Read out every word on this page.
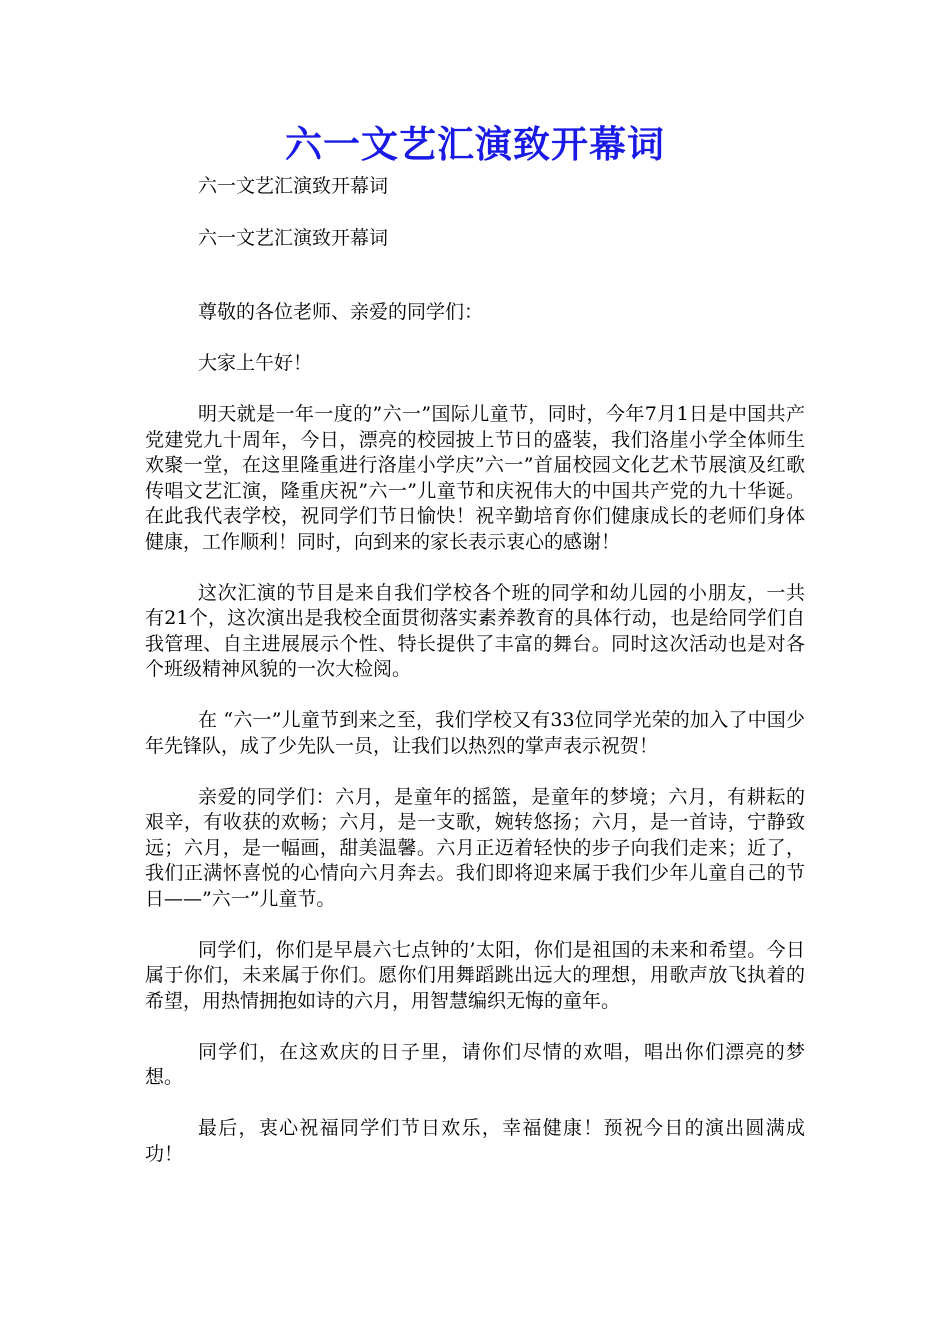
六一文艺汇演致开幕词
六一文艺汇演致开幕词
六一文艺汇演致开幕词

尊敬的各位老师、亲爱的同学们：

大家上午好！

明天就是一年一度的”六一”国际儿童节，同时，今年7月1日是中国共产党建党九十周年，今日，漂亮的校园披上节日的盛装，我们洛崖小学全体师生欢聚一堂，在这里隆重进行洛崖小学庆”六一”首届校园文化艺术节展演及红歌传唱文艺汇演，隆重庆祝”六一”儿童节和庆祝伟大的中国共产党的九十华诞。在此我代表学校，祝同学们节日愉快！祝辛勤培育你们健康成长的老师们身体健康，工作顺利！同时，向到来的家长表示衷心的感谢！

这次汇演的节目是来自我们学校各个班的同学和幼儿园的小朋友，一共有21个，这次演出是我校全面贯彻落实素养教育的具体行动，也是给同学们自我管理、自主进展展示个性、特长提供了丰富的舞台。同时这次活动也是对各个班级精神风貌的一次大检阅。

在 “六一”儿童节到来之至，我们学校又有33位同学光荣的加入了中国少年先锋队，成了少先队一员，让我们以热烈的掌声表示祝贺！

亲爱的同学们：六月，是童年的摇篮，是童年的梦境；六月，有耕耘的艰辛，有收获的欢畅；六月，是一支歌，婉转悠扬；六月，是一首诗，宁静致远；六月，是一幅画，甜美温馨。六月正迈着轻快的步子向我们走来；近了，我们正满怀喜悦的心情向六月奔去。我们即将迎来属于我们少年儿童自己的节日——”六一”儿童节。

同学们，你们是早晨六七点钟的’太阳，你们是祖国的未来和希望。今日属于你们，未来属于你们。愿你们用舞蹈跳出远大的理想，用歌声放飞执着的希望，用热情拥抱如诗的六月，用智慧编织无悔的童年。

同学们，在这欢庆的日子里，请你们尽情的欢唱，唱出你们漂亮的梦想。

最后，衷心祝福同学们节日欢乐，幸福健康！预祝今日的演出圆满成功！
